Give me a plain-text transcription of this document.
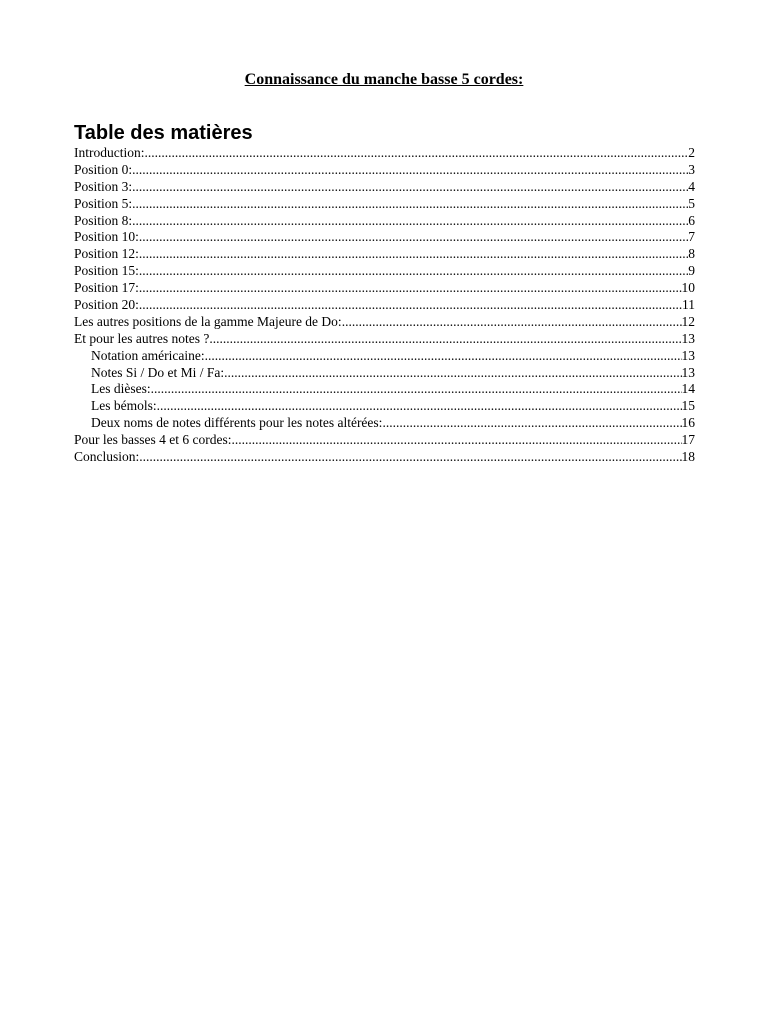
Connaissance du manche basse 5 cordes:
Table des matières
Introduction: .....	2
Position 0: .....	3
Position 3: .....	4
Position 5: .....	5
Position 8: .....	6
Position 10: .....	7
Position 12: .....	8
Position 15: .....	9
Position 17: .....	10
Position 20: .....	11
Les autres positions de la gamme Majeure de Do: .....	12
Et pour les autres notes ? .....	13
Notation américaine: .....	13
Notes Si / Do et Mi / Fa: .....	13
Les dièses: .....	14
Les bémols: .....	15
Deux noms de notes différents pour les notes altérées: .....	16
Pour les basses 4 et 6 cordes: .....	17
Conclusion: .....	18
